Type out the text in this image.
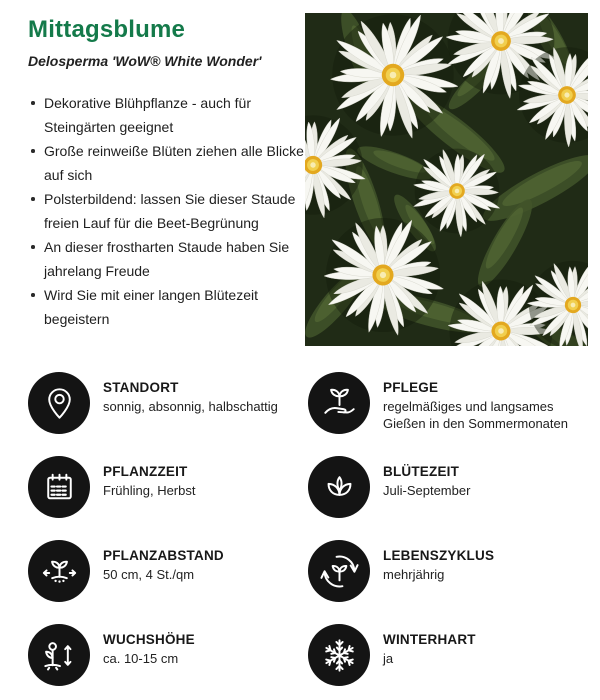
Mittagsblume

Delosperma 'WoW® White Wonder'

Dekorative Blühpflanze - auch für Steingärten geeignet
Große reinweiße Blüten ziehen alle Blicke auf sich
Polsterbildend: lassen Sie dieser Staude freien Lauf für die Beet-Begrünung
An dieser frostharten Staude haben Sie jahrelang Freude
Wird Sie mit einer langen Blütezeit begeistern
STANDORT
sonnig, absonnig, halbschattig
PFLEGE
regelmäßiges und langsames Gießen in den Sommermonaten
PFLANZZEIT
Frühling, Herbst
BLÜTEZEIT
Juli-September
PFLANZABSTAND
50 cm, 4 St./qm
LEBENSZYKLUS
mehrjährig
WUCHSHÖHE
ca. 10-15 cm
WINTERHART
ja
